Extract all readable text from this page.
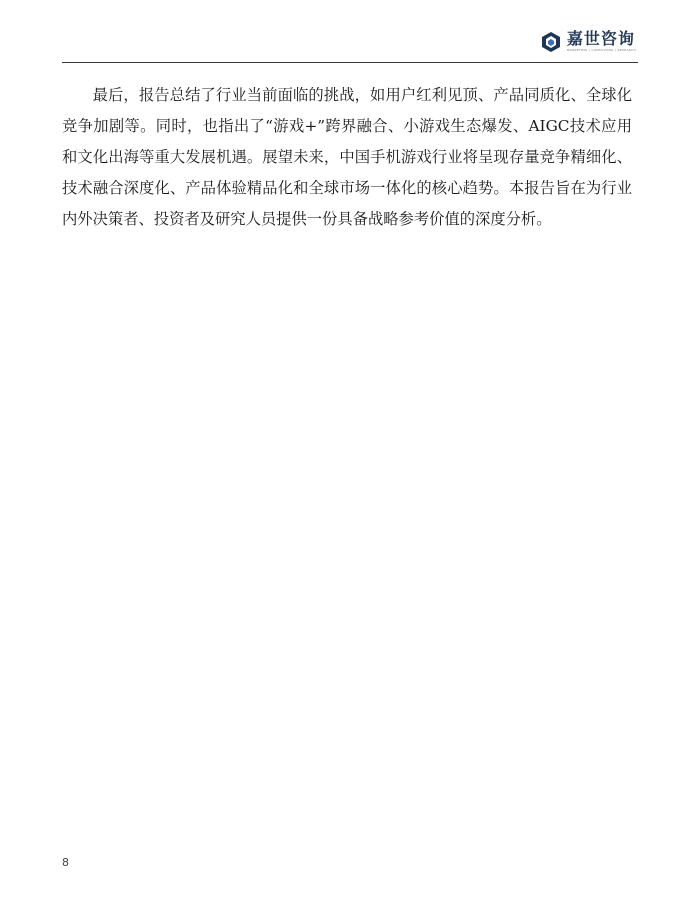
嘉世咨询
MARKETING | CONSULTING | RESEARCH

最后，报告总结了行业当前面临的挑战，如用户红利见顶、产品同质化、全球化竞争加剧等。同时，也指出了“游戏+”跨界融合、小游戏生态爆发、AIGC技术应用和文化出海等重大发展机遇。展望未来，中国手机游戏行业将呈现存量竞争精细化、技术融合深度化、产品体验精品化和全球市场一体化的核心趋势。本报告旨在为行业内外决策者、投资者及研究人员提供一份具备战略参考价值的深度分析。

8
